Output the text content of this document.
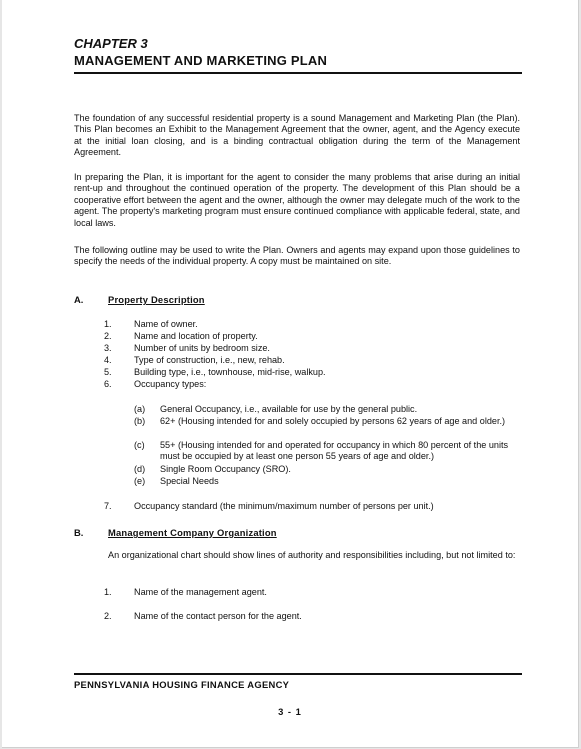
CHAPTER 3
MANAGEMENT AND MARKETING PLAN
The foundation of any successful residential property is a sound Management and Marketing Plan (the Plan). This Plan becomes an Exhibit to the Management Agreement that the owner, agent, and the Agency execute at the initial loan closing, and is a binding contractual obligation during the term of the Management Agreement.
In preparing the Plan, it is important for the agent to consider the many problems that arise during an initial rent-up and throughout the continued operation of the property. The development of this Plan should be a cooperative effort between the agent and the owner, although the owner may delegate much of the work to the agent. The property's marketing program must ensure continued compliance with applicable federal, state, and local laws.
The following outline may be used to write the Plan. Owners and agents may expand upon those guidelines to specify the needs of the individual property. A copy must be maintained on site.
A.	Property Description
1. Name of owner.
2. Name and location of property.
3. Number of units by bedroom size.
4. Type of construction, i.e., new, rehab.
5. Building type, i.e., townhouse, mid-rise, walkup.
6. Occupancy types:
(a) General Occupancy, i.e., available for use by the general public.
(b) 62+ (Housing intended for and solely occupied by persons 62 years of age and older.)
(c) 55+ (Housing intended for and operated for occupancy in which 80 percent of the units must be occupied by at least one person 55 years of age and older.)
(d) Single Room Occupancy (SRO).
(e) Special Needs
7. Occupancy standard (the minimum/maximum number of persons per unit.)
B.	Management Company Organization
An organizational chart should show lines of authority and responsibilities including, but not limited to:
1. Name of the management agent.
2. Name of the contact person for the agent.
PENNSYLVANIA HOUSING FINANCE AGENCY
3 - 1
